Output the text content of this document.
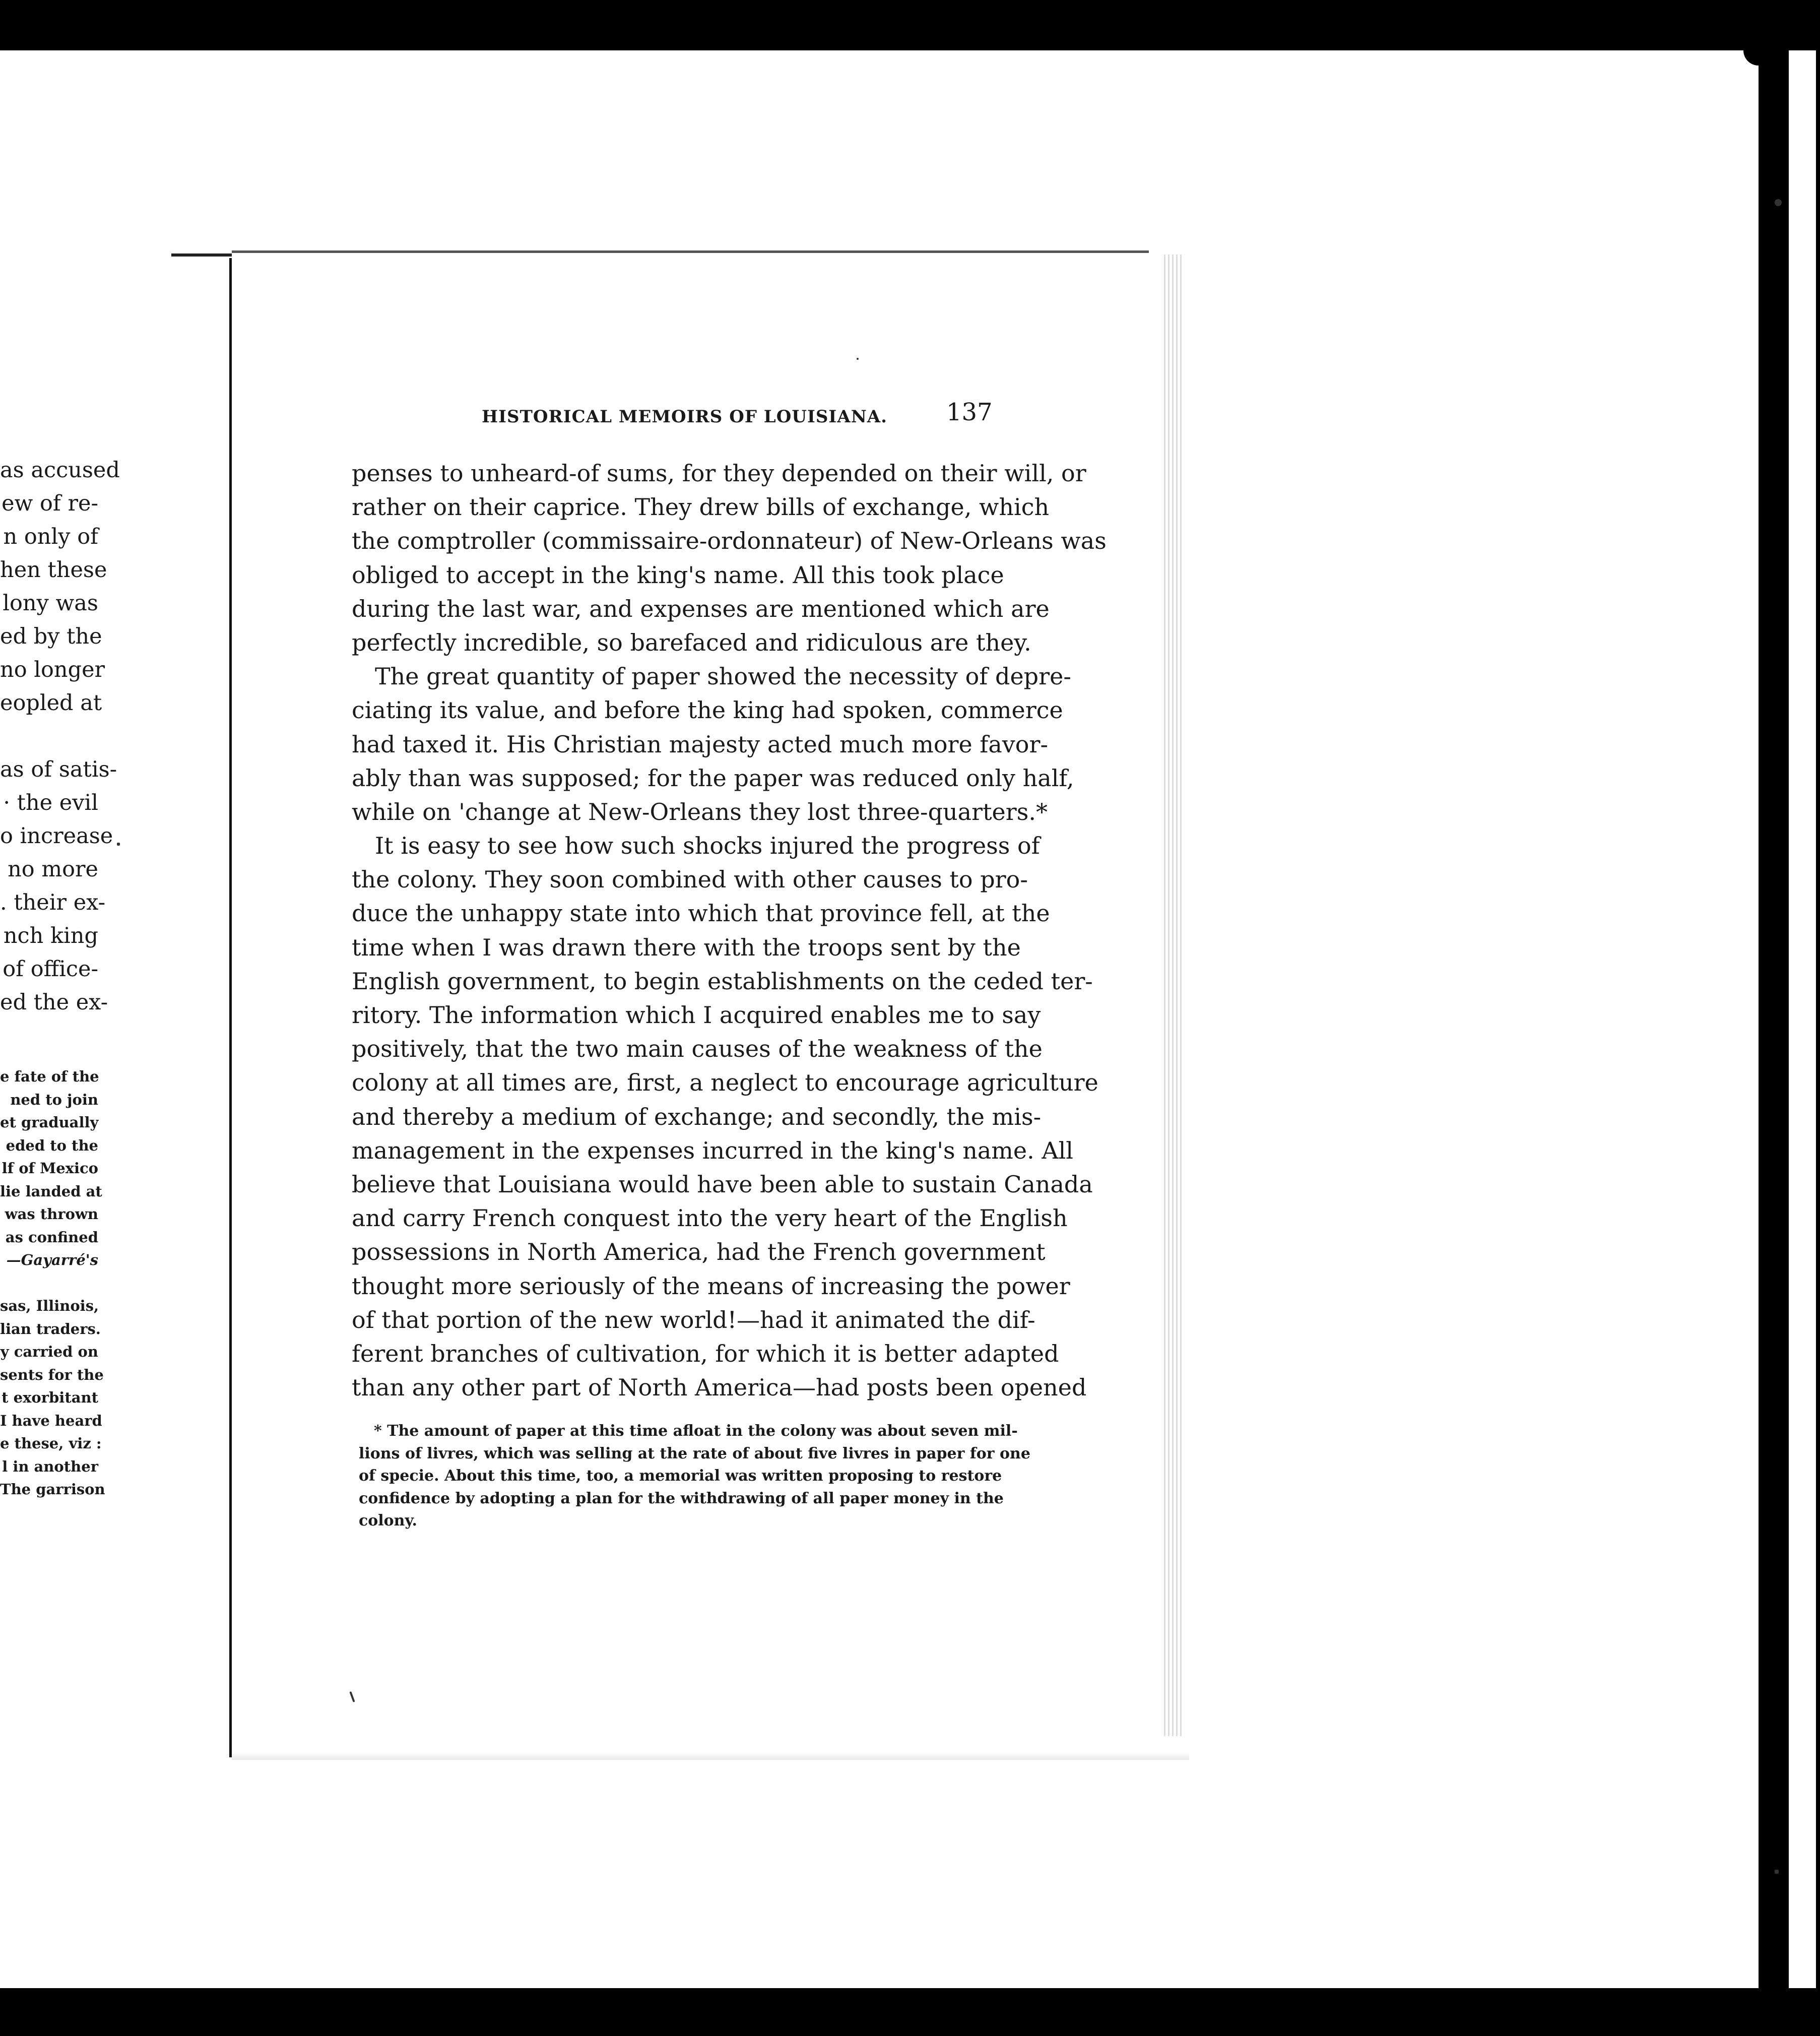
as accused
ew of re-
n only of
hen these
lony was
ed by the
no longer
eopled at
as of satis-
· the evil
o increase
no more
. their ex-
nch king
of office-
ed the ex-
e fate of the
ned to join
et gradually
eded to the
lf of Mexico
lie landed at
was thrown
as confined
—Gayarré's
sas, Illinois,
lian traders.
y carried on
sents for the
t exorbitant
I have heard
e these, viz :
l in another
The garrison
HISTORICAL MEMOIRS OF LOUISIANA. 137
penses to unheard-of sums, for they depended on their will, or
rather on their caprice. They drew bills of exchange, which
the comptroller (commissaire-ordonnateur) of New-Orleans was
obliged to accept in the king's name. All this took place
during the last war, and expenses are mentioned which are
perfectly incredible, so barefaced and ridiculous are they.
The great quantity of paper showed the necessity of depre-
ciating its value, and before the king had spoken, commerce
had taxed it. His Christian majesty acted much more favor-
ably than was supposed; for the paper was reduced only half,
while on 'change at New-Orleans they lost three-quarters.*
It is easy to see how such shocks injured the progress of
the colony. They soon combined with other causes to pro-
duce the unhappy state into which that province fell, at the
time when I was drawn there with the troops sent by the
English government, to begin establishments on the ceded ter-
ritory. The information which I acquired enables me to say
positively, that the two main causes of the weakness of the
colony at all times are, first, a neglect to encourage agriculture
and thereby a medium of exchange; and secondly, the mis-
management in the expenses incurred in the king's name. All
believe that Louisiana would have been able to sustain Canada
and carry French conquest into the very heart of the English
possessions in North America, had the French government
thought more seriously of the means of increasing the power
of that portion of the new world!—had it animated the dif-
ferent branches of cultivation, for which it is better adapted
than any other part of North America—had posts been opened
* The amount of paper at this time afloat in the colony was about seven mil-
lions of livres, which was selling at the rate of about five livres in paper for one
of specie. About this time, too, a memorial was written proposing to restore
confidence by adopting a plan for the withdrawing of all paper money in the
colony.
